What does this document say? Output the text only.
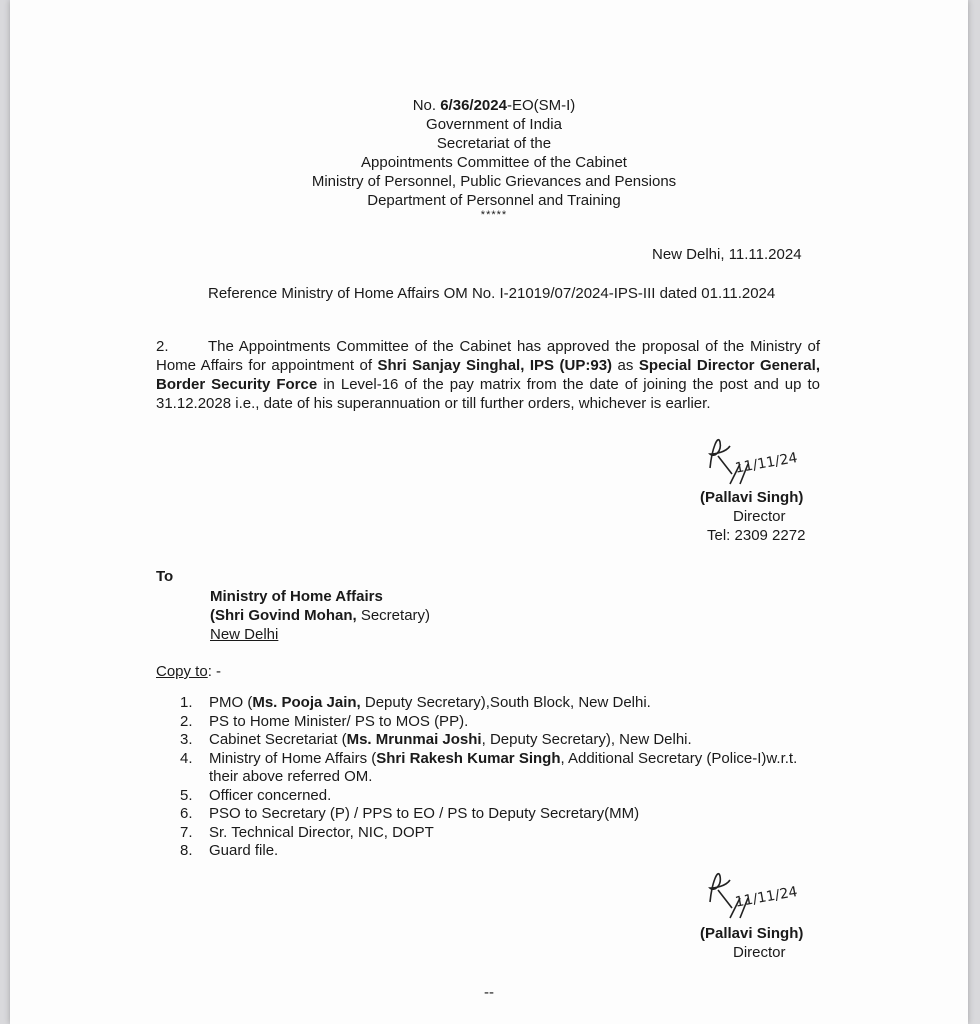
No. 6/36/2024-EO(SM-I)
Government of India
Secretariat of the
Appointments Committee of the Cabinet
Ministry of Personnel, Public Grievances and Pensions
Department of Personnel and Training
*****
New Delhi, 11.11.2024
Reference Ministry of Home Affairs OM No. I-21019/07/2024-IPS-III dated 01.11.2024
2.	The Appointments Committee of the Cabinet has approved the proposal of the Ministry of Home Affairs for appointment of Shri Sanjay Singhal, IPS (UP:93) as Special Director General, Border Security Force in Level-16 of the pay matrix from the date of joining the post and up to 31.12.2028 i.e., date of his superannuation or till further orders, whichever is earlier.
11/11/24
(Pallavi Singh)
Director
Tel: 2309 2272
To
Ministry of Home Affairs
(Shri Govind Mohan, Secretary)
New Delhi
Copy to: -
1. PMO (Ms. Pooja Jain, Deputy Secretary),South Block, New Delhi.
2. PS to Home Minister/ PS to MOS (PP).
3. Cabinet Secretariat (Ms. Mrunmai Joshi, Deputy Secretary), New Delhi.
4. Ministry of Home Affairs (Shri Rakesh Kumar Singh, Additional Secretary (Police-I)w.r.t. their above referred OM.
5. Officer concerned.
6. PSO to Secretary (P) / PPS to EO / PS to Deputy Secretary(MM)
7. Sr. Technical Director, NIC, DOPT
8. Guard file.
11/11/24
(Pallavi Singh)
Director
--
